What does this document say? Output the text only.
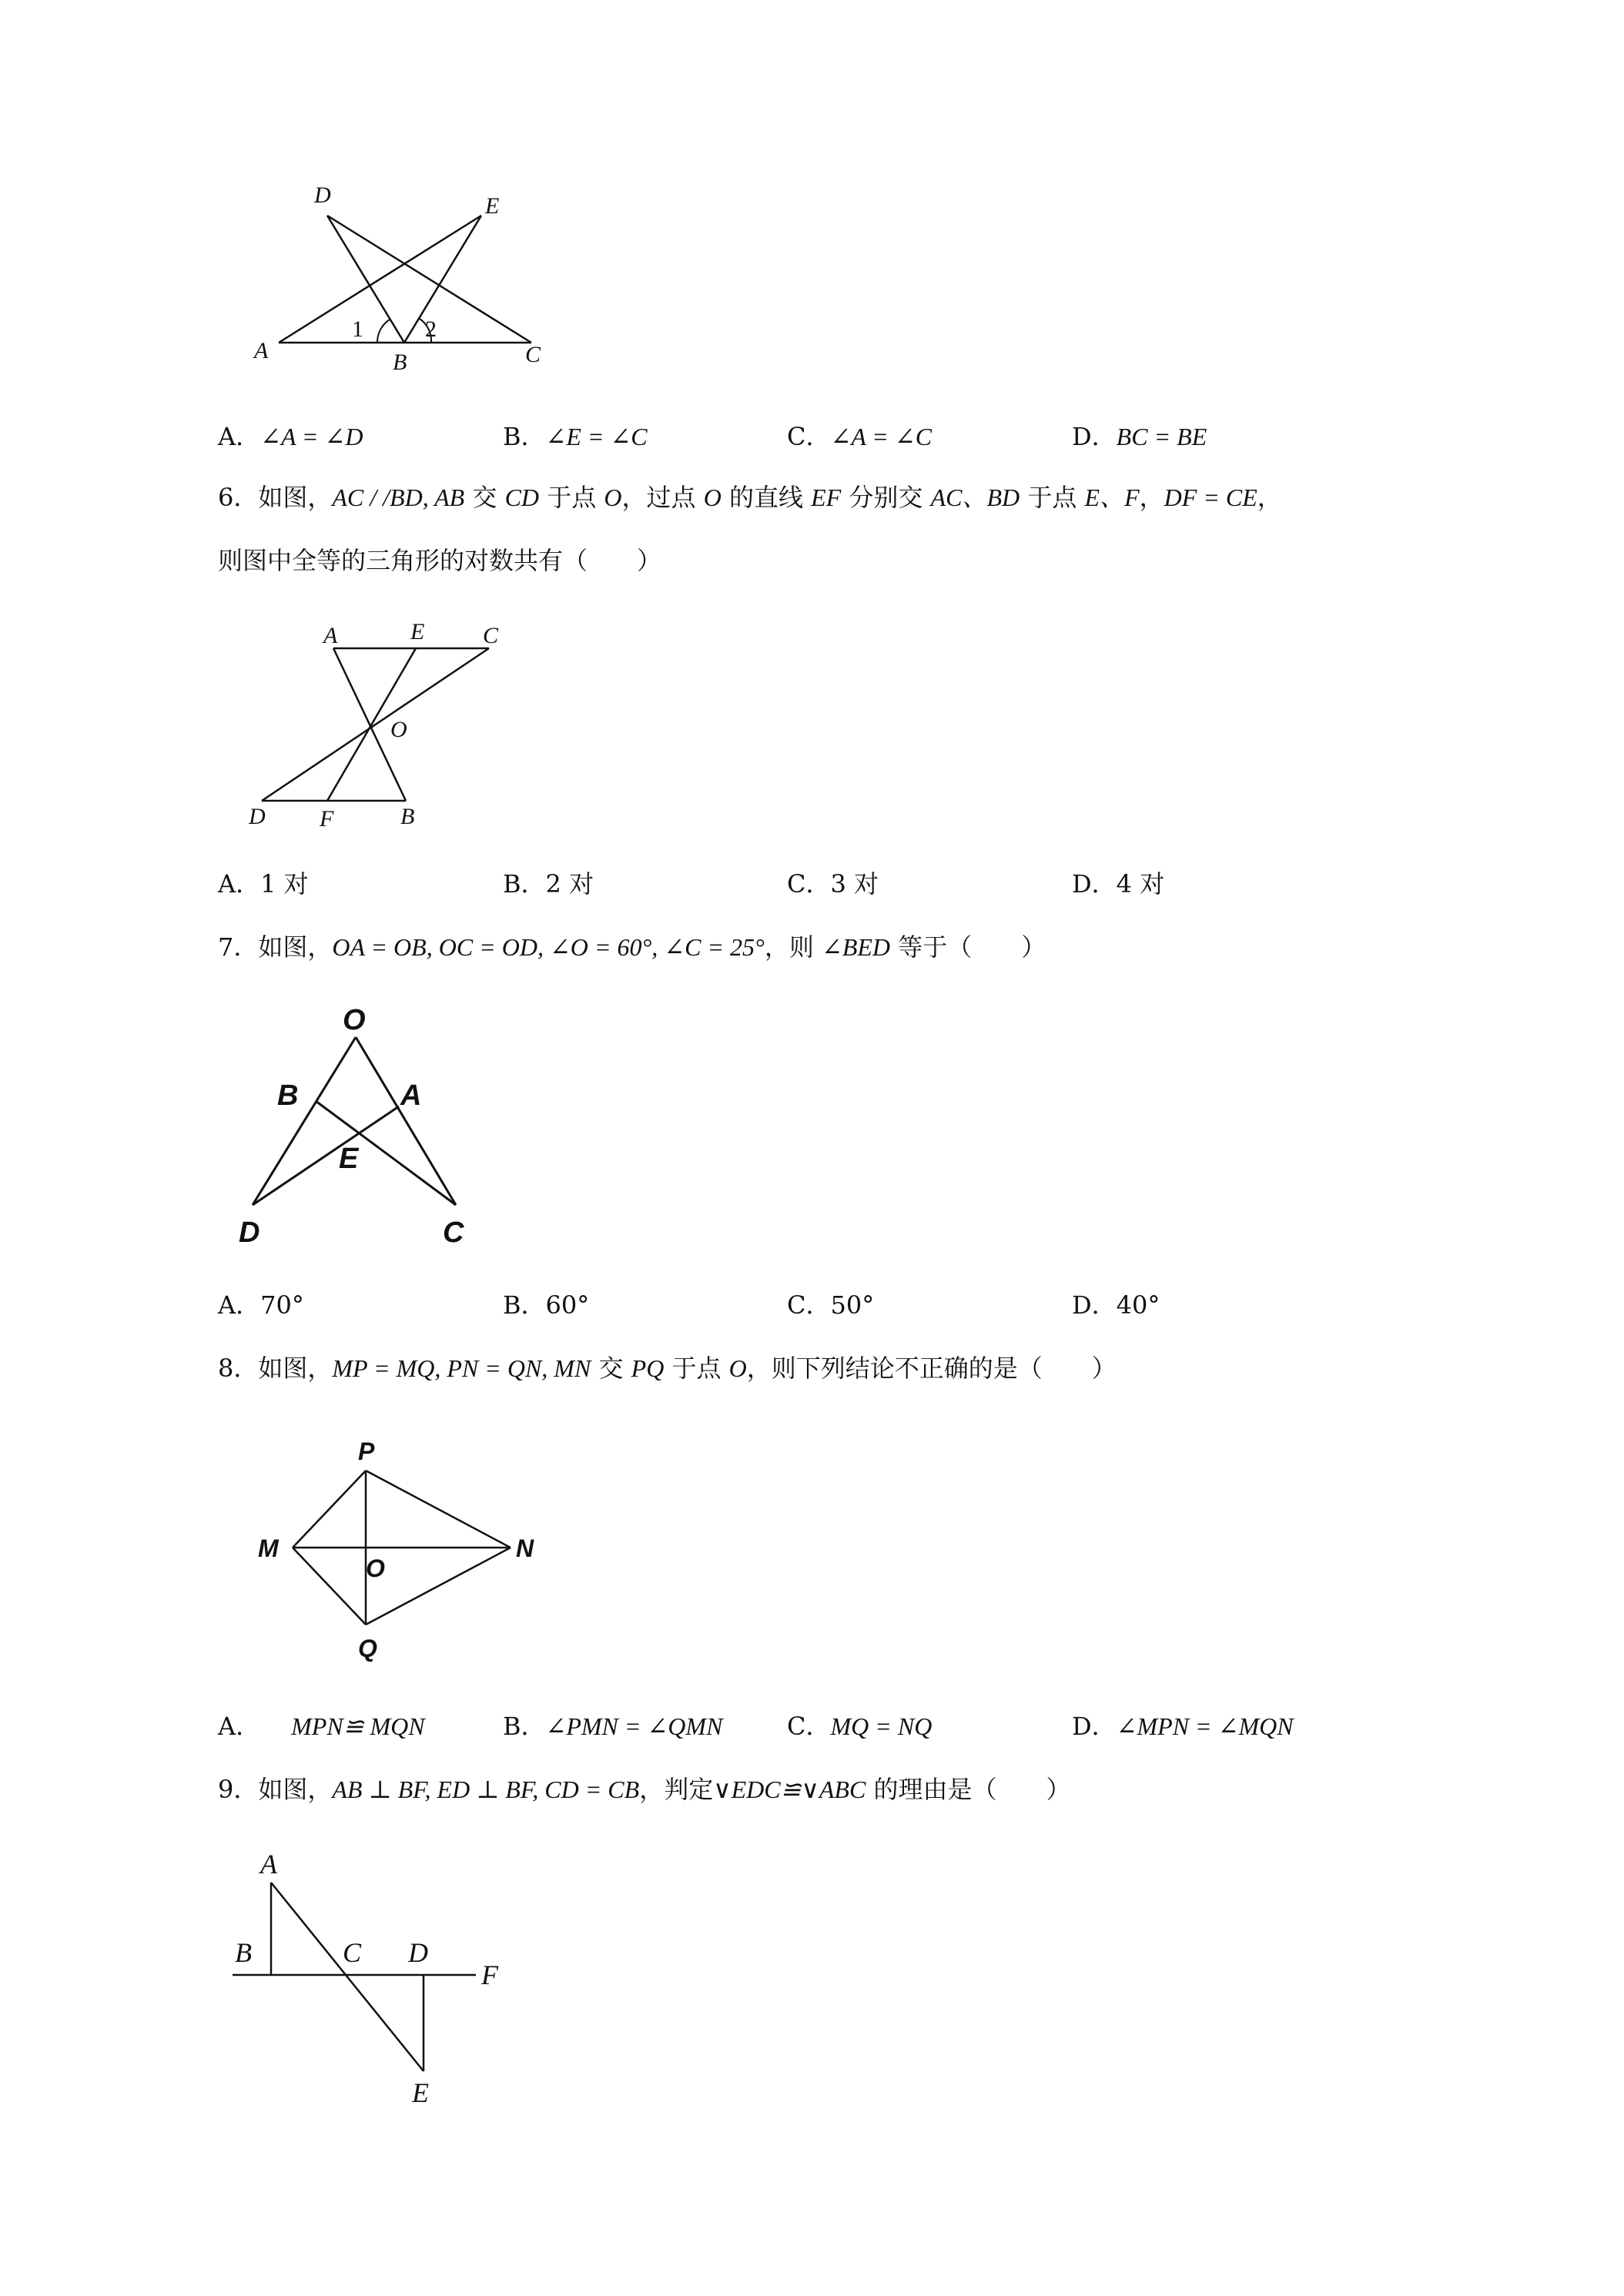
D	E
A	B	C
1	2
A．∠A = ∠D	B．∠E = ∠C	C．∠A = ∠C	D．BC = BE
6．如图，AC / /BD, AB 交 CD 于点 O，过点 O 的直线 EF 分别交 AC、BD 于点 E、F，DF = CE，
则图中全等的三角形的对数共有（　　）
A	E	C
O
D F	B
A．1 对	B．2 对	C．3 对	D．4 对
7．如图，OA = OB, OC = OD, ∠O = 60°, ∠C = 25°，则 ∠BED 等于（　　）
O
B	A
E
D	C
A．70°	B．60°	C．50°	D．40°
8．如图，MP = MQ, PN = QN, MN 交 PQ 于点 O，则下列结论不正确的是（　　）
P
M
O
N
Q
A． MPN≌ MQN	B．∠PMN = ∠QMN	C．MQ = NQ	D．∠MPN = ∠MQN
9．如图，AB ⊥ BF, ED ⊥ BF, CD = CB，判定∨EDC≌∨ABC 的理由是（　　）
A
B	C D
F
E
